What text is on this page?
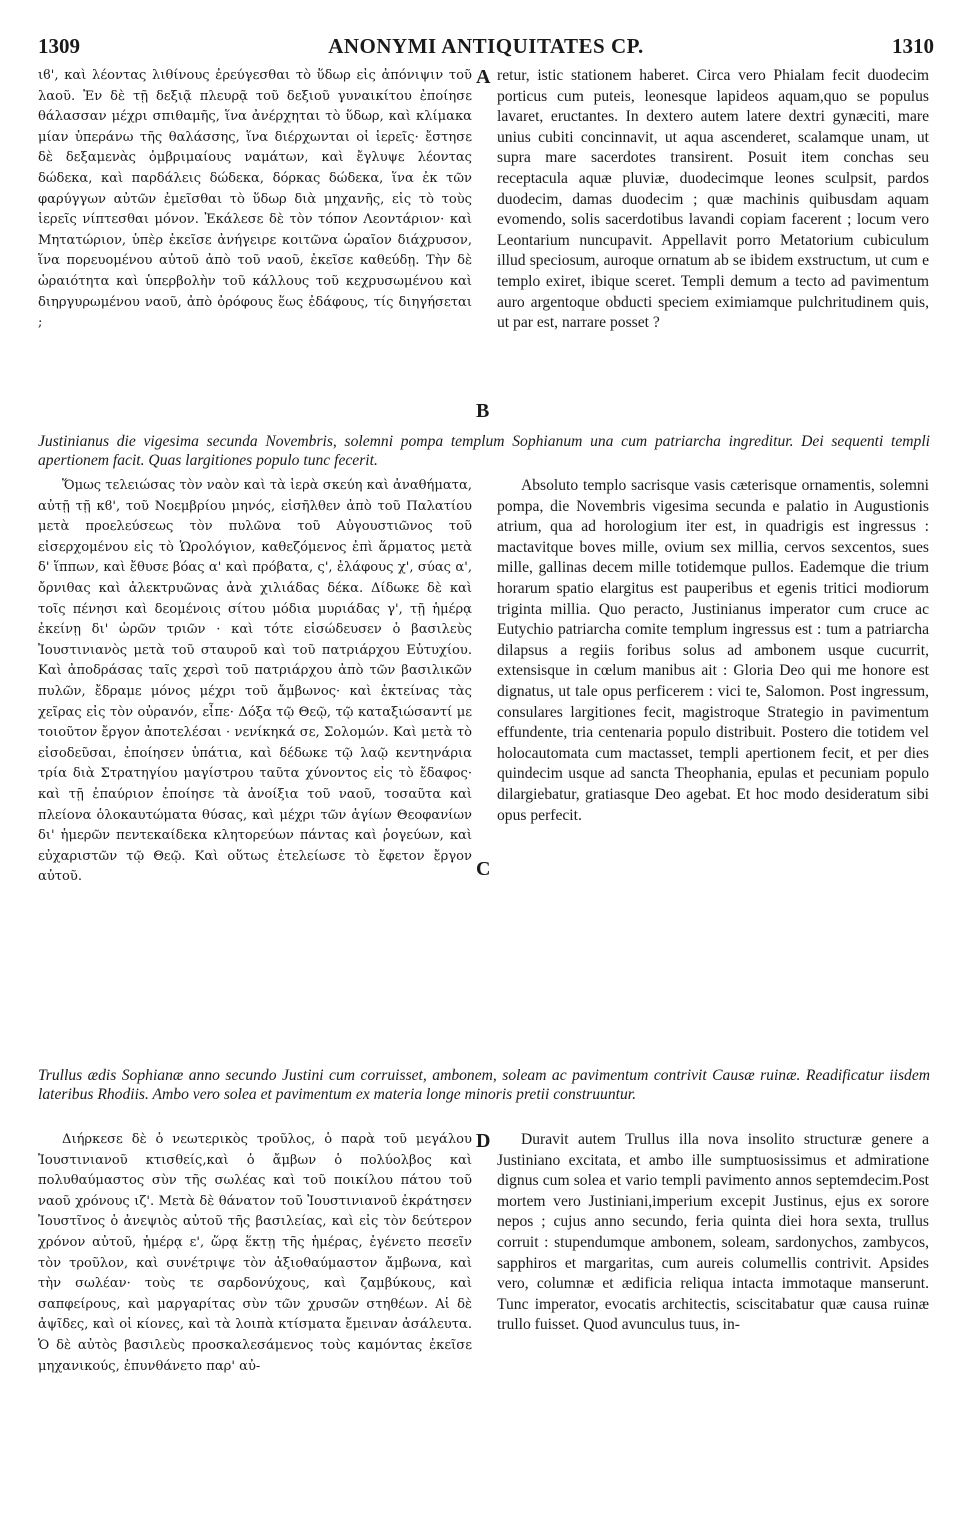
1309	ANONYMI ANTIQUITATES CP.	1310

ιϐ', καὶ λέοντας λιθίνους ἐρεύγεσθαι τὸ ὕδωρ εἰς ἀπόνιψιν τοῦ λαοῦ. Ἐν δὲ τῇ δεξιᾷ πλευρᾷ τοῦ δεξιοῦ γυναικίτου ἐποίησε θάλασσαν μέχρι σπιθαμῆς, ἵνα ἀνέρχηται τὸ ὕδωρ, καὶ κλίμακα μίαν ὑπεράνω τῆς θαλάσσης, ἵνα διέρχωνται οἱ ἱερεῖς· ἔστησε δὲ δεξαμενὰς ὀμβριμαίους ναμάτων, καὶ ἔγλυψε λέοντας δώδεκα, καὶ παρδάλεις δώδεκα, δόρκας δώδεκα, ἵνα ἐκ τῶν φαρύγγων αὐτῶν ἐμεῖσθαι τὸ ὕδωρ διὰ μηχανῆς, εἰς τὸ τοὺς ἱερεῖς νίπτεσθαι μόνον. Ἐκάλεσε δὲ τὸν τόπον Λεοντάριον· καὶ Μητατώριον, ὑπὲρ ἐκεῖσε ἀνήγειρε κοιτῶνα ὡραῖον διάχρυσον, ἵνα πορευομένου αὐτοῦ ἀπὸ τοῦ ναοῦ, ἐκεῖσε καθεύδῃ. Τὴν δὲ ὡραιότητα καὶ ὑπερβολὴν τοῦ κάλλους τοῦ κεχρυσωμένου καὶ διηργυρωμένου ναοῦ, ἀπὸ ὀρόφους ἕως ἐδάφους, τίς διηγήσεται ;

retur, istic stationem haberet. Circa vero Phialam fecit duodecim porticus cum puteis, leonesque lapideos aquam,quo se populus lavaret, eructantes. In dextero autem latere dextri gynæciti, mare unius cubiti concinnavit, ut aqua ascenderet, scalamque unam, ut supra mare sacerdotes transirent. Posuit item conchas seu receptacula aquæ pluviæ, duodecimque leones sculpsit, pardos duodecim, damas duodecim ; quæ machinis quibusdam aquam evomendo, solis sacerdotibus lavandi copiam facerent ; locum vero Leontarium nuncupavit. Appellavit porro Metatorium cubiculum illud speciosum, auroque ornatum ab se ibidem exstructum, ut cum e templo exiret, ibique sceret. Templi demum a tecto ad pavimentum auro argentoque obducti speciem eximiamque pulchritudinem quis, ut par est, narrare posset ?

A
B
Justinianus die vigesima secunda Novembris, solemni pompa templum Sophianum una cum patriarcha ingreditur. Dei sequenti templi apertionem facit. Quas largitiones populo tunc fecerit.

Ὅμως τελειώσας τὸν ναὸν καὶ τὰ ἱερὰ σκεύη καὶ ἀναθήματα, αὐτῇ τῇ κϐ', τοῦ Νοεμβρίου μηνός, εἰσῆλθεν ἀπὸ τοῦ Παλατίου μετὰ προελεύσεως τὸν πυλῶνα τοῦ Αὐγουστιῶνος τοῦ εἰσερχομένου εἰς τὸ Ὡρολόγιον, καθεζόμενος ἐπὶ ἅρματος μετὰ δ' ἵππων, καὶ ἔθυσε βόας α' καὶ πρόβατα, ς', ἐλάφους χ', σύας α', ὄρνιθας καὶ ἀλεκτρυῶνας ἀνὰ χιλιάδας δέκα. Δίδωκε δὲ καὶ τοῖς πένησι καὶ δεομένοις σίτου μόδια μυριάδας γ', τῇ ἡμέρᾳ ἐκείνῃ δι' ὡρῶν τριῶν · καὶ τότε εἰσώδευσεν ὁ βασιλεὺς Ἰουστινιανὸς μετὰ τοῦ σταυροῦ καὶ τοῦ πατριάρχου Εὐτυχίου. Καὶ ἀποδράσας ταῖς χερσὶ τοῦ πατριάρχου ἀπὸ τῶν βασιλικῶν πυλῶν, ἔδραμε μόνος μέχρι τοῦ ἄμβωνος· καὶ ἐκτείνας τὰς χεῖρας εἰς τὸν οὐρανόν, εἶπε· Δόξα τῷ Θεῷ, τῷ καταξιώσαντί με τοιοῦτον ἔργον ἀποτελέσαι · νενίκηκά σε, Σολομών. Καὶ μετὰ τὸ εἰσοδεῦσαι, ἐποίησεν ὑπάτια, καὶ δέδωκε τῷ λαῷ κεντηνάρια τρία διὰ Στρατηγίου μαγίστρου ταῦτα χύνοντος εἰς τὸ ἔδαφος· καὶ τῇ ἐπαύριον ἐποίησε τὰ ἀνοίξια τοῦ ναοῦ, τοσαῦτα καὶ πλείονα ὁλοκαυτώματα θύσας, καὶ μέχρι τῶν ἁγίων Θεοφανίων δι' ἡμερῶν πεντεκαίδεκα κλητορεύων πάντας καὶ ῥογεύων, καὶ εὐχαριστῶν τῷ Θεῷ. Καὶ οὕτως ἐτελείωσε τὸ ἔφετον ἔργον αὐτοῦ.

Absoluto templo sacrisque vasis cæterisque ornamentis, solemni pompa, die Novembris vigesima secunda e palatio in Augustionis atrium, qua ad horologium iter est, in quadrigis est ingressus : mactavitque boves mille, ovium sex millia, cervos sexcentos, sues mille, gallinas decem mille totidemque pullos. Eademque die trium horarum spatio elargitus est pauperibus et egenis tritici modiorum triginta millia. Quo peracto, Justinianus imperator cum cruce ac Eutychio patriarcha comite templum ingressus est : tum a patriarcha dilapsus a regiis foribus solus ad ambonem usque cucurrit, extensisque in cœlum manibus ait : Gloria Deo qui me honore est dignatus, ut tale opus perficerem : vici te, Salomon. Post ingressum, consulares largitiones fecit, magistroque Strategio in pavimentum effundente, tria centenaria populo distribuit. Postero die totidem vel holocautomata cum mactasset, templi apertionem fecit, et per dies quindecim usque ad sancta Theophania, epulas et pecuniam populo dilargiebatur, gratiasque Deo agebat. Et hoc modo desideratum sibi opus perfecit.

C
Trullus ædis Sophianæ anno secundo Justini cum corruisset, ambonem, soleam ac pavimentum contrivit Causæ ruinæ. Readificatur iisdem lateribus Rhodiis. Ambo vero solea et pavimentum ex materia longe minoris pretii construuntur.

Διήρκεσε δὲ ὁ νεωτερικὸς τροῦλος, ὁ παρὰ τοῦ μεγάλου Ἰουστινιανοῦ κτισθείς,καὶ ὁ ἄμβων ὁ πολύολβος καὶ πολυθαύμαστος σὺν τῆς σωλέας καὶ τοῦ ποικίλου πάτου τοῦ ναοῦ χρόνους ιζ'. Μετὰ δὲ θάνατον τοῦ Ἰουστινιανοῦ ἐκράτησεν Ἰουστῖνος ὁ ἀνεψιὸς αὐτοῦ τῆς βασιλείας, καὶ εἰς τὸν δεύτερον χρόνον αὐτοῦ, ἡμέρᾳ ε', ὥρᾳ ἕκτῃ τῆς ἡμέρας, ἐγένετο πεσεῖν τὸν τροῦλον, καὶ συνέτριψε τὸν ἀξιοθαύμαστον ἄμβωνα, καὶ τὴν σωλέαν· τοὺς τε σαρδονύχους, καὶ ζαμβύκους, καὶ σαπφείρους, καὶ μαργαρίτας σὺν τῶν χρυσῶν στηθέων. Αἱ δὲ ἀψῖδες, καὶ οἱ κίονες, καὶ τὰ λοιπὰ κτίσματα ἔμειναν ἀσάλευτα. Ὁ δὲ αὐτὸς βασιλεὺς προσκαλεσάμενος τοὺς καμόντας ἐκεῖσε μηχανικούς, ἐπυνθάνετο παρ' αὐ-

Duravit autem Trullus illa nova insolito structuræ genere a Justiniano excitata, et ambo ille sumptuosissimus et admiratione dignus cum solea et vario templi pavimento annos septemdecim.Post mortem vero Justiniani,imperium excepit Justinus, ejus ex sorore nepos ; cujus anno secundo, feria quinta diei hora sexta, trullus corruit : stupendumque ambonem, soleam, sardonychos, zambycos, sapphiros et margaritas, cum aureis columellis contrivit. Apsides vero, columnæ et ædificia reliqua intacta immotaque manserunt. Tunc imperator, evocatis architectis, sciscitabatur quæ causa ruinæ trullo fuisset. Quod avunculus tuus, in-

D
